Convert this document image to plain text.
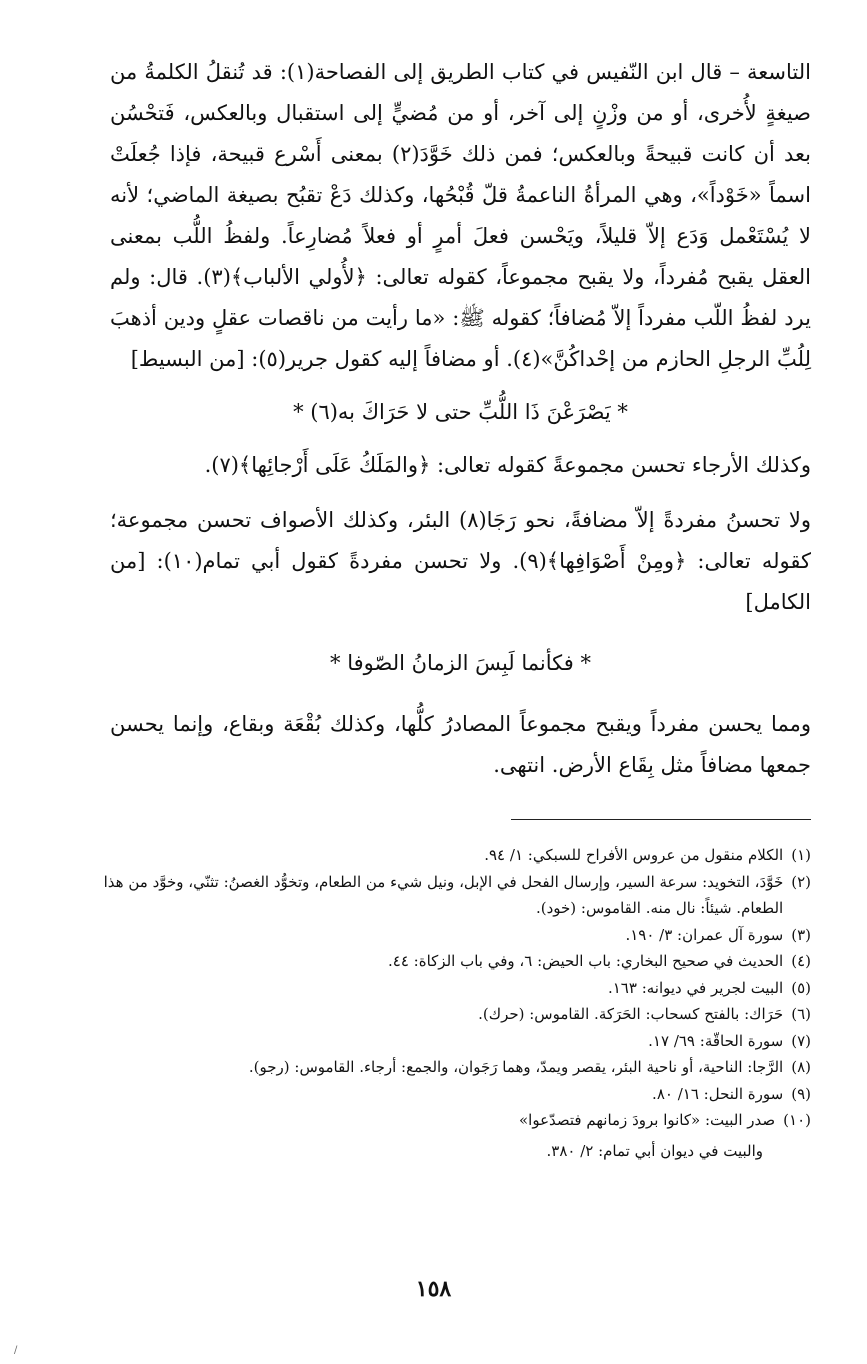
التاسعة – قال ابن النّفيس في كتاب الطريق إلى الفصاحة(١): قد تُنقلُ الكلمةُ من صيغةٍ لأُخرى، أو من وزْنٍ إلى آخر، أو من مُضيٍّ إلى استقبال وبالعكس، فَتحْسُن بعد أن كانت قبيحةً وبالعكس؛ فمن ذلك خَوَّدَ(٢) بمعنى أَسْرع قبيحة، فإذا جُعلَتْ اسماً «خَوْداً»، وهي المرأةُ الناعمةُ قلّ قُبْحُها، وكذلك دَعْ تقبُح بصيغة الماضي؛ لأنه لا يُسْتَعْمل وَدَع إلاّ قليلاً، ويَحْسن فعلَ أمرٍ أو فعلاً مُضارِعاً. ولفظُ اللُّب بمعنى العقل يقبح مُفرداً، ولا يقبح مجموعاً، كقوله تعالى: ﴿لأُولي الألباب﴾(٣). قال: ولم يرد لفظُ اللّب مفرداً إلاّ مُضافاً؛ كقوله ﷺ: «ما رأيت من ناقصات عقلٍ ودين أذهبَ لِلُبِّ الرجلِ الحازم من إحْداكُنَّ»(٤). أو مضافاً إليه كقول جرير(٥): [من البسيط]

* يَصْرَعْنَ ذَا اللُّبِّ حتى لا حَرَاكَ به(٦) *

وكذلك الأرجاء تحسن مجموعةً كقوله تعالى: ﴿والمَلَكُ عَلَى أَرْجائِها﴾(٧).

ولا تحسنُ مفردةً إلاّ مضافةً، نحو رَجَا(٨) البئر، وكذلك الأصواف تحسن مجموعة؛ كقوله تعالى: ﴿ومِنْ أَصْوَافِها﴾(٩). ولا تحسن مفردةً كقول أبي تمام(١٠): [من الكامل]

* فكأنما لَبِسَ الزمانُ الصّوفا *

ومما يحسن مفرداً ويقبح مجموعاً المصادرُ كلُّها، وكذلك بُقْعَة وبقاع، وإنما يحسن جمعها مضافاً مثل بِقَاع الأرض. انتهى.

(١)
الكلام منقول من عروس الأفراح للسبكي: ١/ ٩٤.
(٢)
خَوَّدَ، التخويد: سرعة السير، وإرسال الفحل في الإبل، ونيل شيء من الطعام، وتخوُّد الغصنُ: تثنّي، وخوَّد من هذا الطعام. شيئاً: نال منه. القاموس: (خود).
(٣)
سورة آل عمران: ٣/ ١٩٠.
(٤)
الحديث في صحيح البخاري: باب الحيض: ٦، وفي باب الزكاة: ٤٤.
(٥)
البيت لجرير في ديوانه: ١٦٣.
(٦)
حَرَاك: بالفتح كسحاب: الحَرَكة. القاموس: (حرك).
(٧)
سورة الحاقّة: ٦٩/ ١٧.
(٨)
الرَّجا: الناحية، أو ناحية البئر، يقصر ويمدّ، وهما رَجَوان، والجمع: أرجاء. القاموس: (رجو).
(٩)
سورة النحل: ١٦/ ٨٠.
(١٠)
صدر البيت: «كانوا برودَ زمانهم فتصدّعوا»
والبيت في ديوان أبي تمام: ٢/ ٣٨٠.
١٥٨
/
